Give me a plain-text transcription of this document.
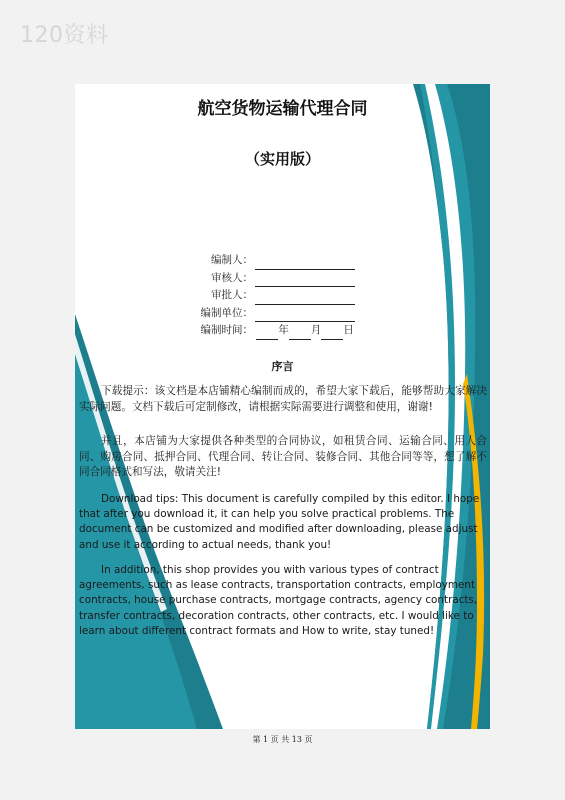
120资料
航空货物运输代理合同
（实用版）
编制人：
审核人：
审批人：
编制单位：
编制时间： 年 月 日
序言
下载提示：该文档是本店铺精心编制而成的，希望大家下载后，能够帮助大家解决实际问题。文档下载后可定制修改，请根据实际需要进行调整和使用，谢谢!
并且，本店铺为大家提供各种类型的合同协议，如租赁合同、运输合同、用人合同、购房合同、抵押合同、代理合同、转让合同、装修合同、其他合同等等，想了解不同合同格式和写法，敬请关注!
Download tips: This document is carefully compiled by this editor. I hope that after you download it, it can help you solve practical problems. The document can be customized and modified after downloading, please adjust and use it according to actual needs, thank you!
In addition, this shop provides you with various types of contract agreements, such as lease contracts, transportation contracts, employment contracts, house purchase contracts, mortgage contracts, agency contracts, transfer contracts, decoration contracts, other contracts, etc. I would like to learn about different contract formats and How to write, stay tuned!
第 1 页 共 13 页
